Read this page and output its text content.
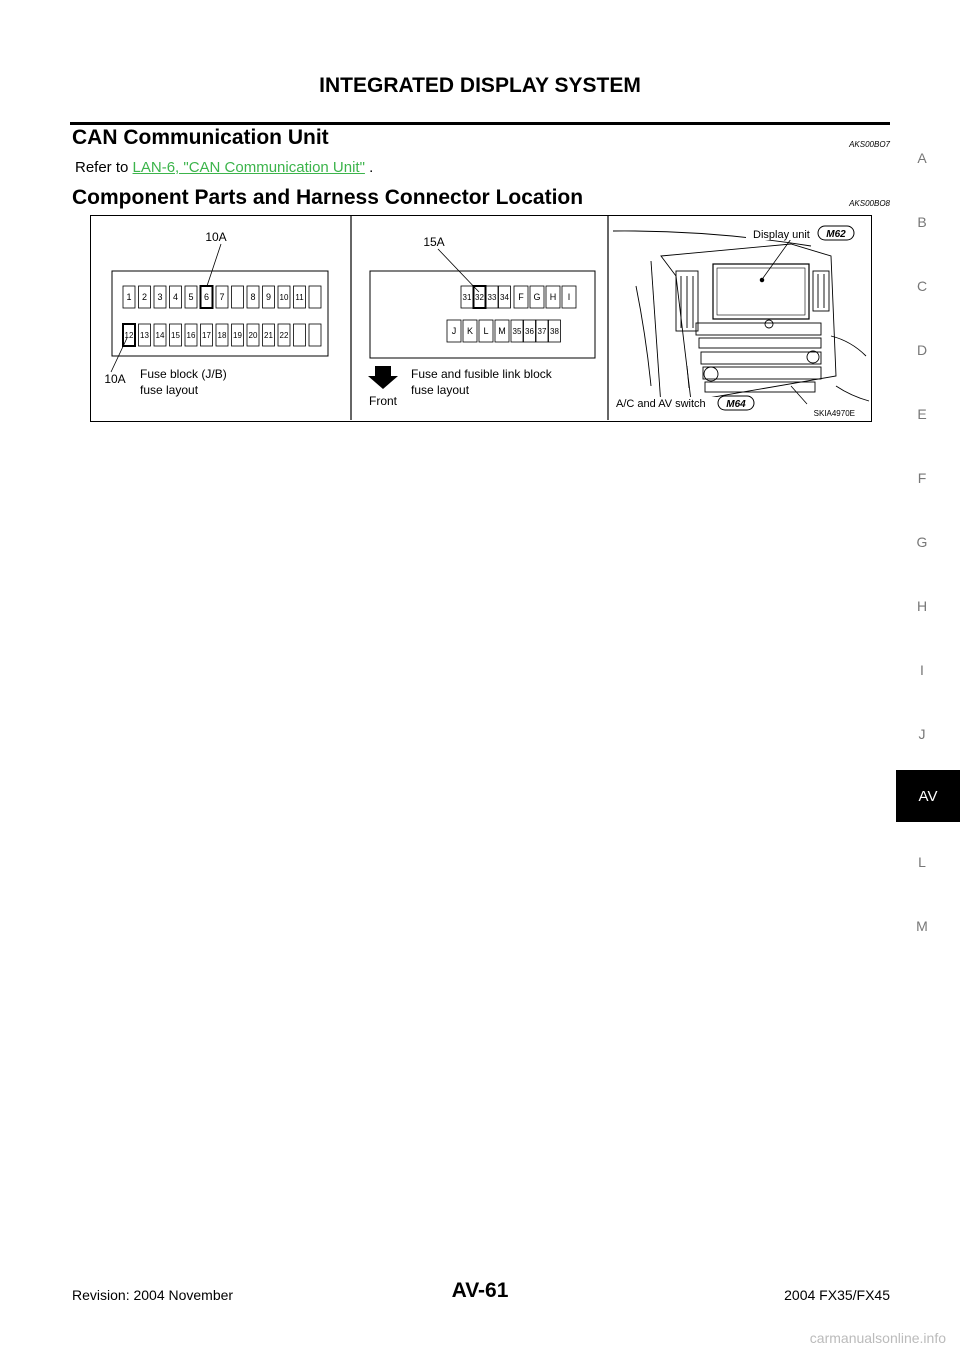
INTEGRATED DISPLAY SYSTEM
CAN Communication Unit	AKS00BO7
Refer to LAN-6, "CAN Communication Unit" .
Component Parts and Harness Connector Location	AKS00BO8
1 2 3 4 5 6 7	8 9 10 11
12 13 14 15 16 17 18 19 20 21 22
10A
10A Fuse block (J/B)
fuse layout
31 32 33 34 F G H I
J K L M 35 36 37 38
15A
Front
Fuse and fusible link block
fuse layout
Display unit M62
A/C and AV switch M64
SKIA4970E
A
B
C
D
E
F
G
H
I
J
AV
L
M
Revision: 2004 November	AV-61	2004 FX35/FX45
carmanualsonline.info
